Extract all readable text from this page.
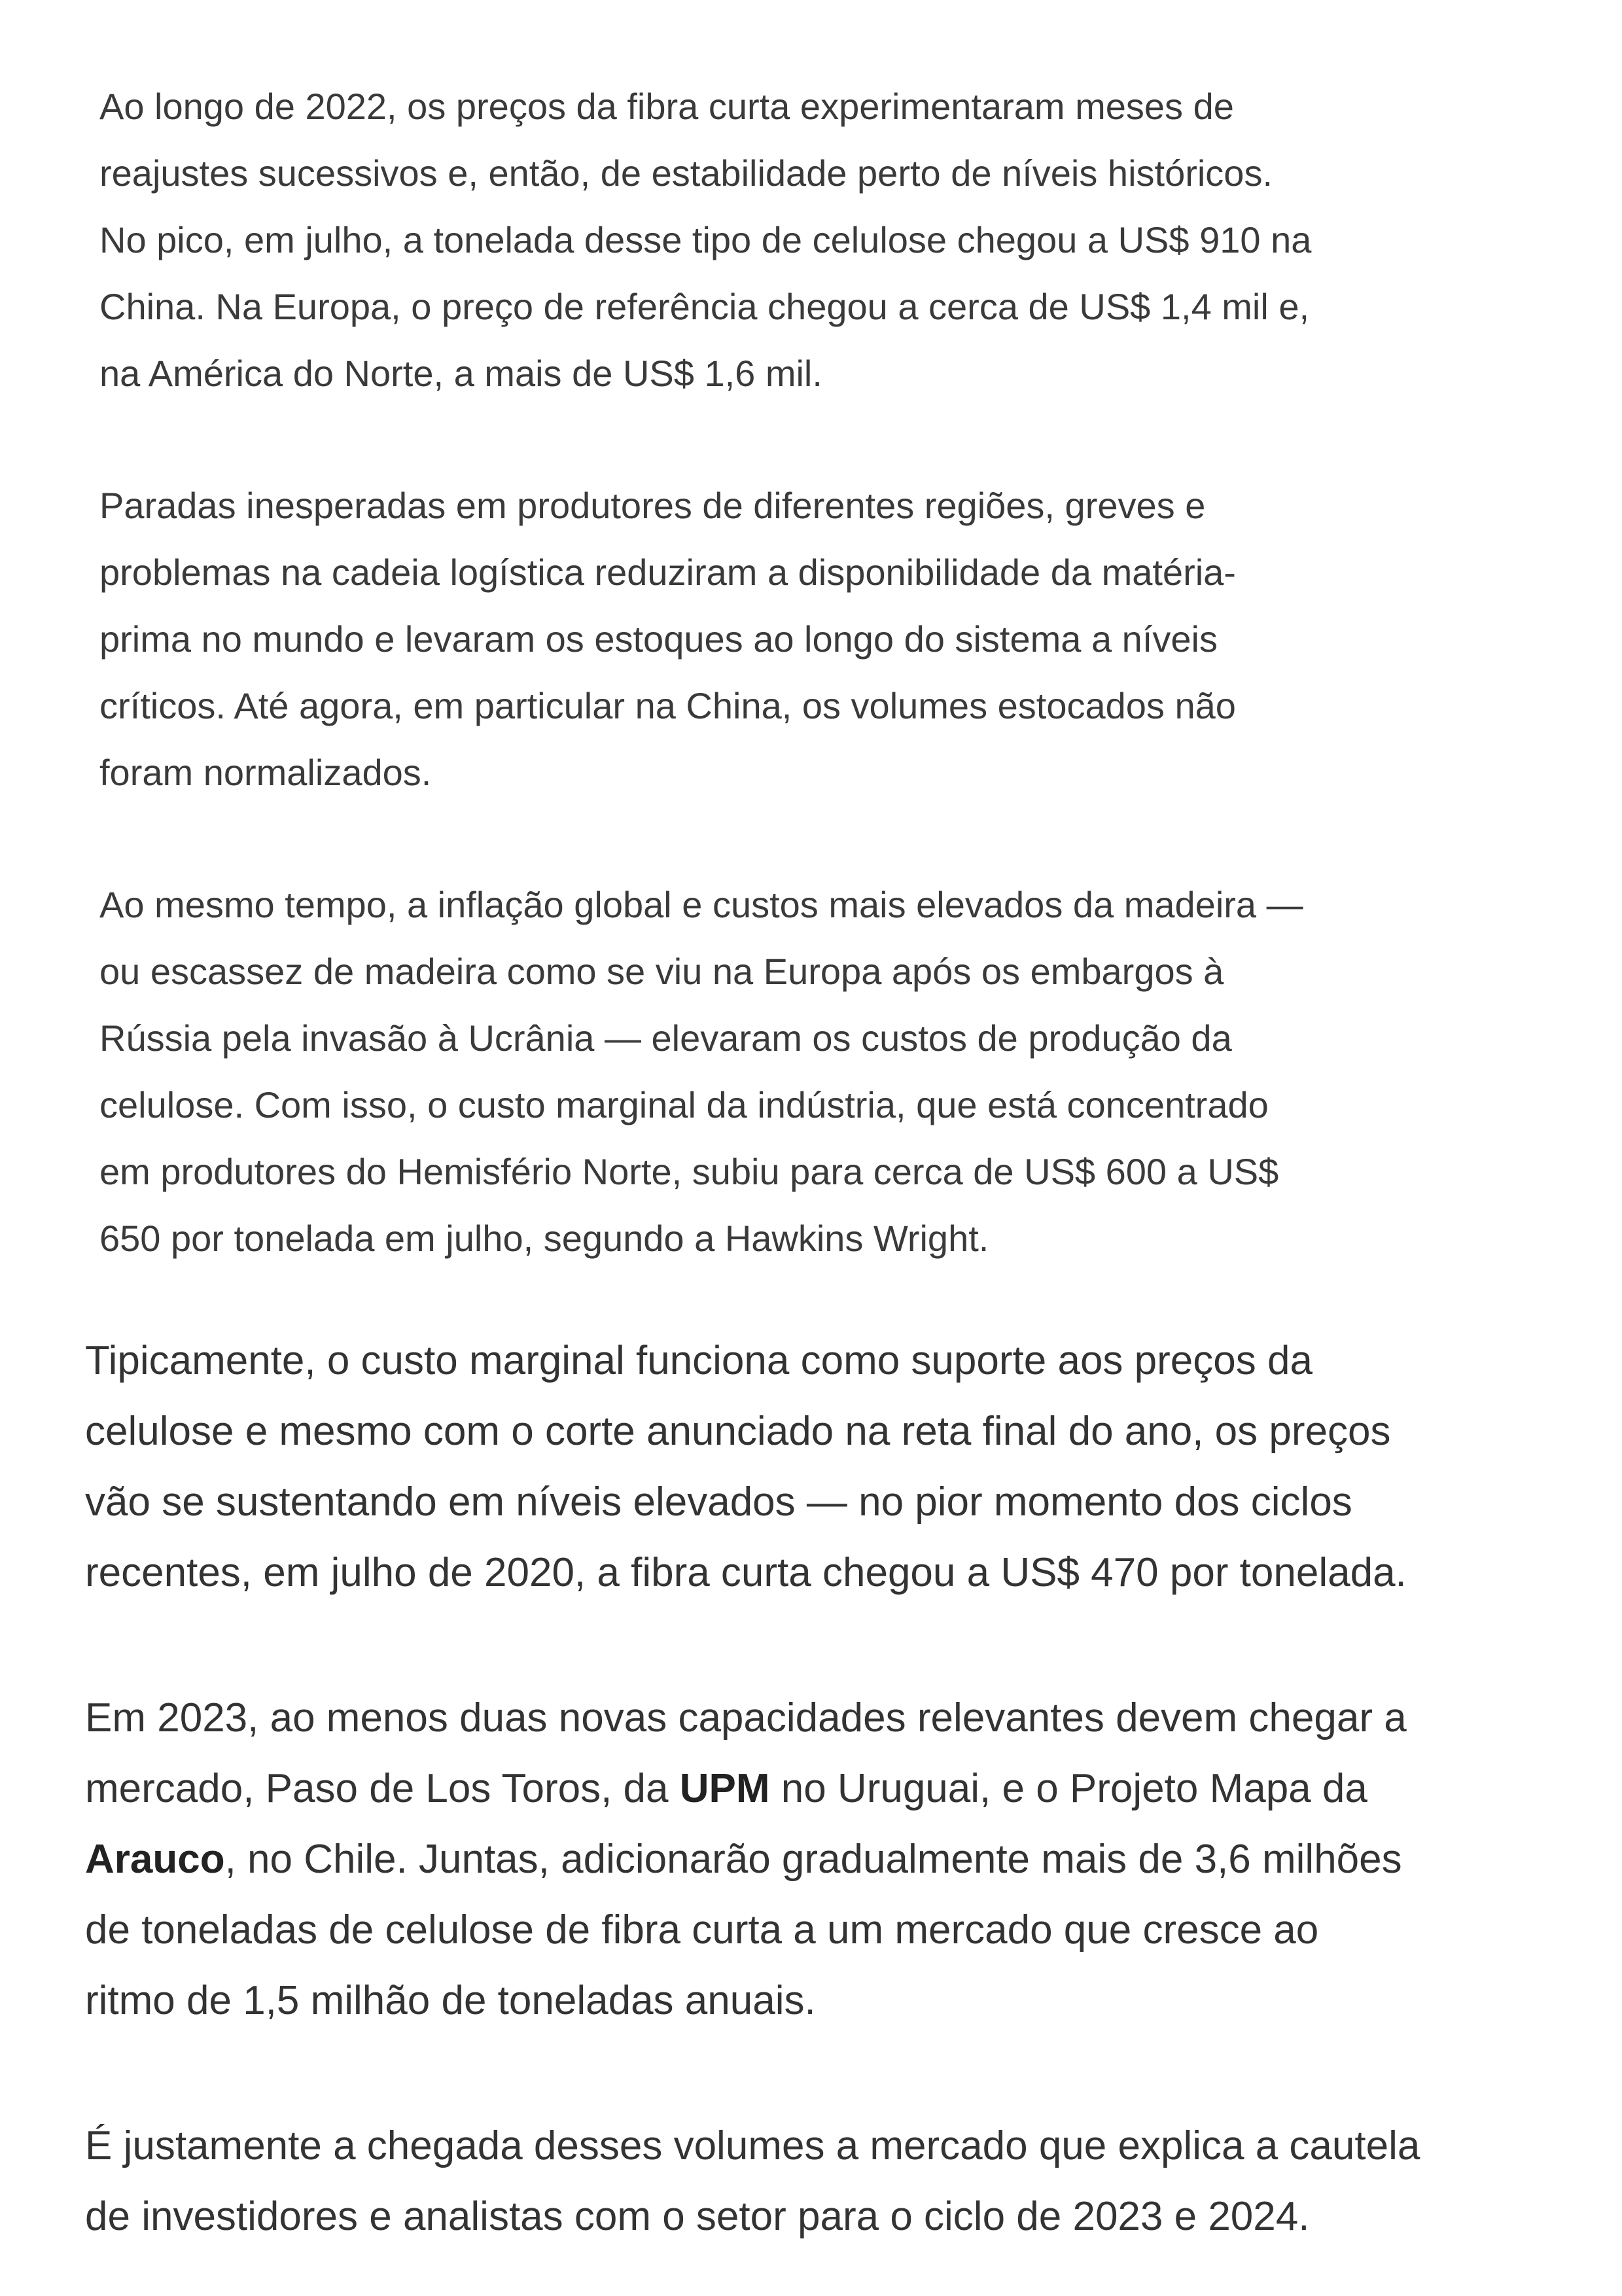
Ao longo de 2022, os preços da fibra curta experimentaram meses de
reajustes sucessivos e, então, de estabilidade perto de níveis históricos.
No pico, em julho, a tonelada desse tipo de celulose chegou a US$ 910 na
China. Na Europa, o preço de referência chegou a cerca de US$ 1,4 mil e,
na América do Norte, a mais de US$ 1,6 mil.
Paradas inesperadas em produtores de diferentes regiões, greves e
problemas na cadeia logística reduziram a disponibilidade da matéria-
prima no mundo e levaram os estoques ao longo do sistema a níveis
críticos. Até agora, em particular na China, os volumes estocados não
foram normalizados.
Ao mesmo tempo, a inflação global e custos mais elevados da madeira —
ou escassez de madeira como se viu na Europa após os embargos à
Rússia pela invasão à Ucrânia — elevaram os custos de produção da
celulose. Com isso, o custo marginal da indústria, que está concentrado
em produtores do Hemisfério Norte, subiu para cerca de US$ 600 a US$
650 por tonelada em julho, segundo a Hawkins Wright.
Tipicamente, o custo marginal funciona como suporte aos preços da
celulose e mesmo com o corte anunciado na reta final do ano, os preços
vão se sustentando em níveis elevados — no pior momento dos ciclos
recentes, em julho de 2020, a fibra curta chegou a US$ 470 por tonelada.
Em 2023, ao menos duas novas capacidades relevantes devem chegar a
mercado, Paso de Los Toros, da UPM no Uruguai, e o Projeto Mapa da
Arauco, no Chile. Juntas, adicionarão gradualmente mais de 3,6 milhões
de toneladas de celulose de fibra curta a um mercado que cresce ao
ritmo de 1,5 milhão de toneladas anuais.
É justamente a chegada desses volumes a mercado que explica a cautela
de investidores e analistas com o setor para o ciclo de 2023 e 2024.
